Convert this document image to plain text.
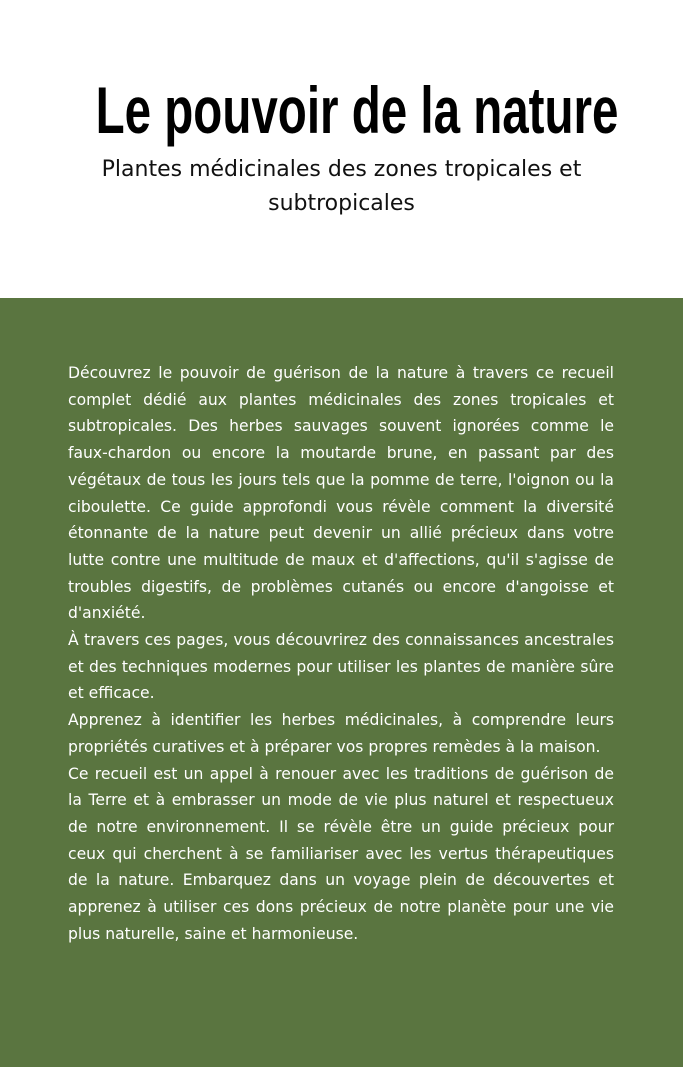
Le pouvoir de la nature
Plantes médicinales des zones tropicales et subtropicales

Découvrez le pouvoir de guérison de la nature à travers ce recueil complet dédié aux plantes médicinales des zones tropicales et subtropicales. Des herbes sauvages souvent ignorées comme le faux-chardon ou encore la moutarde brune, en passant par des végétaux de tous les jours tels que la pomme de terre, l'oignon ou la ciboulette. Ce guide approfondi vous révèle comment la diversité étonnante de la nature peut devenir un allié précieux dans votre lutte contre une multitude de maux et d'affections, qu'il s'agisse de troubles digestifs, de problèmes cutanés ou encore d'angoisse et d'anxiété.

À travers ces pages, vous découvrirez des connaissances ancestrales et des techniques modernes pour utiliser les plantes de manière sûre et efficace.

Apprenez à identifier les herbes médicinales, à comprendre leurs propriétés curatives et à préparer vos propres remèdes à la maison.

Ce recueil est un appel à renouer avec les traditions de guérison de la Terre et à embrasser un mode de vie plus naturel et respectueux de notre environnement. Il se révèle être un guide précieux pour ceux qui cherchent à se familiariser avec les vertus thérapeutiques de la nature. Embarquez dans un voyage plein de découvertes et apprenez à utiliser ces dons précieux de notre planète pour une vie plus naturelle, saine et harmonieuse.
